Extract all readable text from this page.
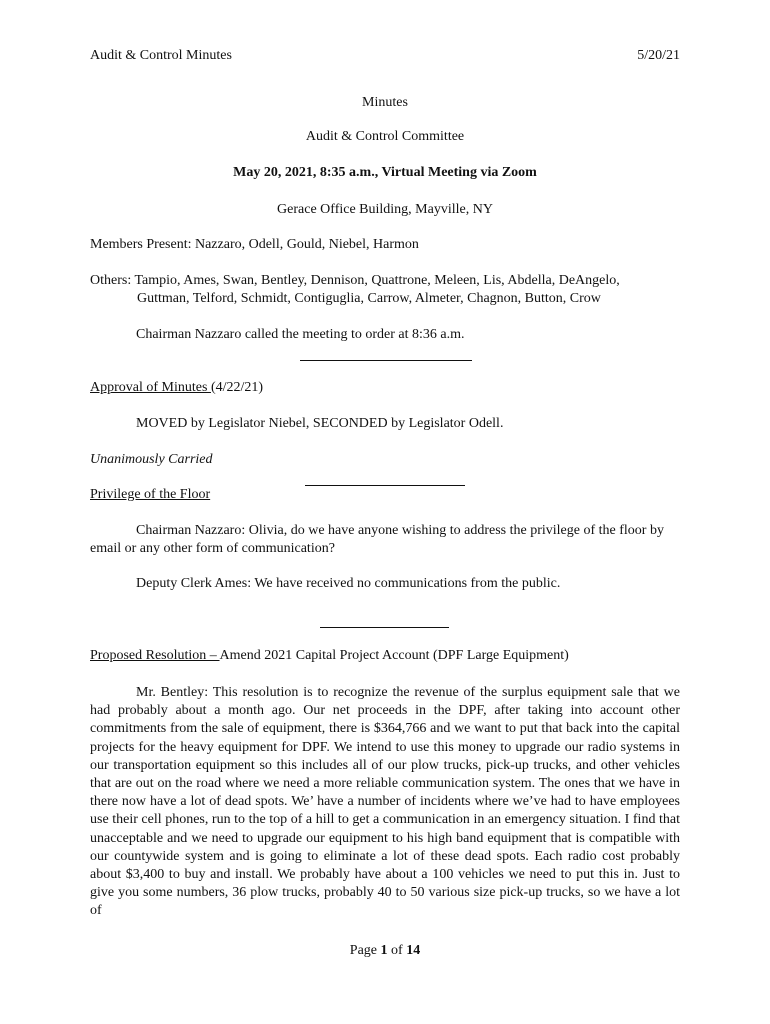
Audit & Control Minutes	5/20/21
Minutes
Audit & Control Committee
May 20, 2021, 8:35 a.m., Virtual Meeting via Zoom
Gerace Office Building, Mayville, NY
Members Present: Nazzaro, Odell, Gould, Niebel, Harmon
Others: Tampio, Ames, Swan, Bentley, Dennison, Quattrone, Meleen, Lis, Abdella, DeAngelo,
Guttman, Telford, Schmidt, Contiguglia, Carrow, Almeter, Chagnon, Button, Crow
Chairman Nazzaro called the meeting to order at 8:36 a.m.
Approval of Minutes (4/22/21)
MOVED by Legislator Niebel, SECONDED by Legislator Odell.
Unanimously Carried
Privilege of the Floor
Chairman Nazzaro: Olivia, do we have anyone wishing to address the privilege of the floor by email or any other form of communication?
Deputy Clerk Ames: We have received no communications from the public.
Proposed Resolution – Amend 2021 Capital Project Account (DPF Large Equipment)
Mr. Bentley: This resolution is to recognize the revenue of the surplus equipment sale that we had probably about a month ago. Our net proceeds in the DPF, after taking into account other commitments from the sale of equipment, there is $364,766 and we want to put that back into the capital projects for the heavy equipment for DPF. We intend to use this money to upgrade our radio systems in our transportation equipment so this includes all of our plow trucks, pick-up trucks, and other vehicles that are out on the road where we need a more reliable communication system. The ones that we have in there now have a lot of dead spots. We’ have a number of incidents where we’ve had to have employees use their cell phones, run to the top of a hill to get a communication in an emergency situation. I find that unacceptable and we need to upgrade our equipment to his high band equipment that is compatible with our countywide system and is going to eliminate a lot of these dead spots. Each radio cost probably about $3,400 to buy and install. We probably have about a 100 vehicles we need to put this in. Just to give you some numbers, 36 plow trucks, probably 40 to 50 various size pick-up trucks, so we have a lot of
Page 1 of 14
